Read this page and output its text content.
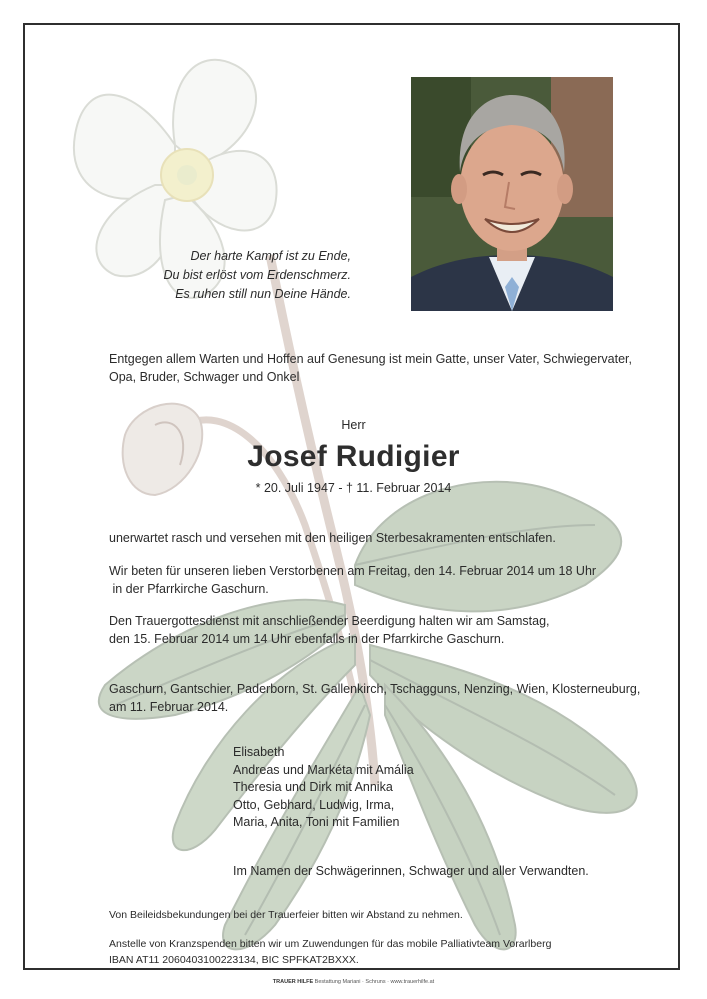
Der harte Kampf ist zu Ende,
Du bist erlöst vom Erdenschmerz.
Es ruhen still nun Deine Hände.
Entgegen allem Warten und Hoffen auf Genesung ist mein Gatte, unser Vater, Schwiegervater,
Opa, Bruder, Schwager und Onkel
Herr
Josef Rudigier
* 20. Juli 1947 - † 11. Februar 2014
unerwartet rasch und versehen mit den heiligen Sterbesakramenten entschlafen.
Wir beten für unseren lieben Verstorbenen am Freitag, den 14. Februar 2014 um 18 Uhr
in der Pfarrkirche Gaschurn.
Den Trauergottesdienst mit anschließender Beerdigung halten wir am Samstag,
den 15. Februar 2014 um 14 Uhr ebenfalls in der Pfarrkirche Gaschurn.
Gaschurn, Gantschier, Paderborn, St. Gallenkirch, Tschagguns, Nenzing, Wien, Klosterneuburg,
am 11. Februar 2014.
Elisabeth
Andreas und Markéta mit Amália
Theresia und Dirk mit Annika
Otto, Gebhard, Ludwig, Irma,
Maria, Anita, Toni mit Familien
Im Namen der Schwägerinnen, Schwager und aller Verwandten.
Von Beileidsbekundungen bei der Trauerfeier bitten wir Abstand zu nehmen.
Anstelle von Kranzspenden bitten wir um Zuwendungen für das mobile Palliativteam Vorarlberg
IBAN AT11 2060403100223134, BIC SPFKAT2BXXX.
TRAUER HILFE Bestattung Mariani · Schruns · www.trauerhilfe.at
